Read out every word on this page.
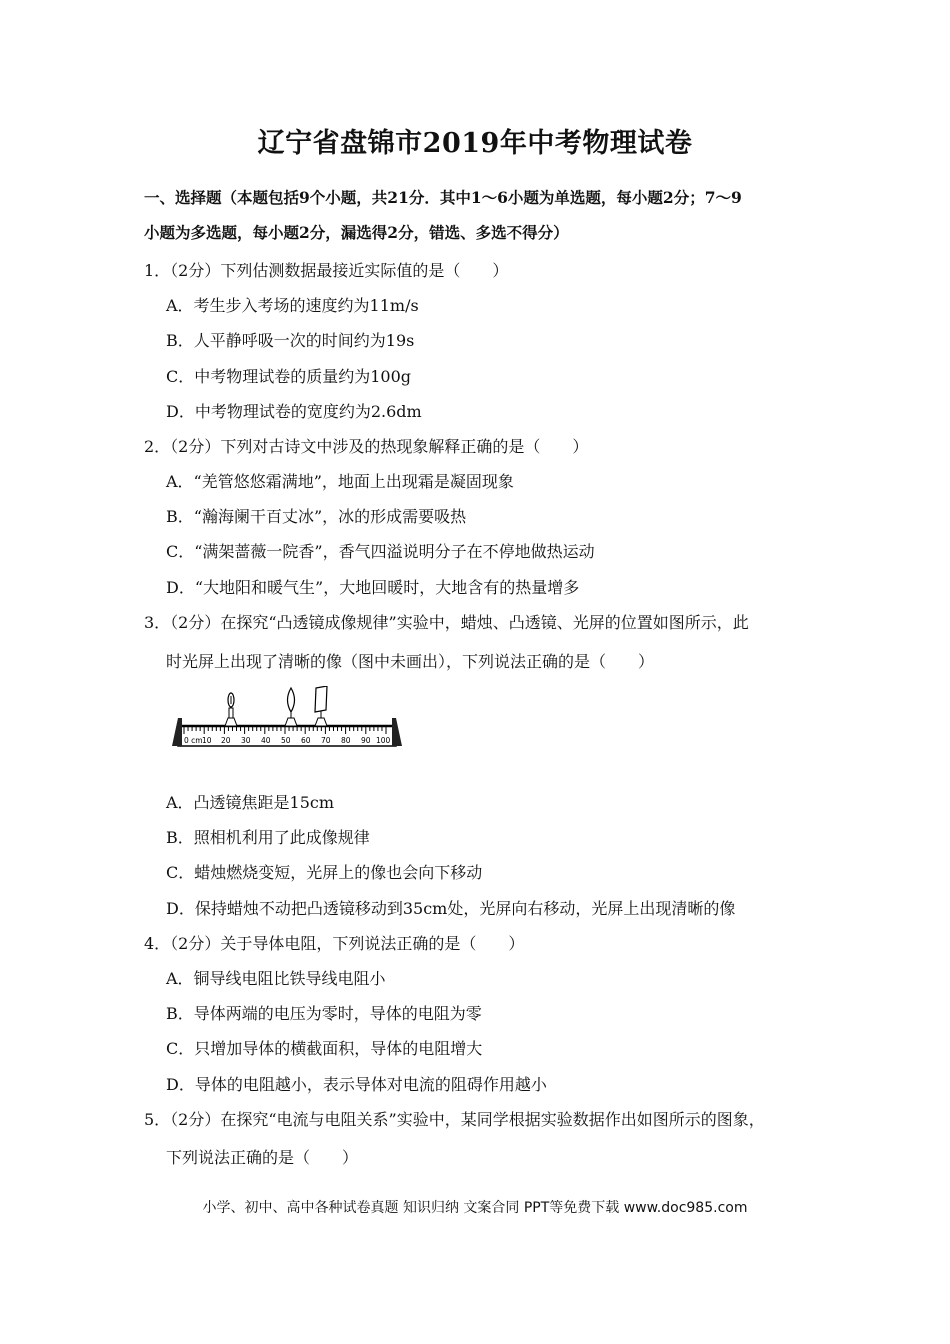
辽宁省盘锦市2019年中考物理试卷
一、选择题（本题包括9个小题，共21分．其中1～6小题为单选题，每小题2分；7～9
小题为多选题，每小题2分，漏选得2分，错选、多选不得分）
1．（2分）下列估测数据最接近实际值的是（　　）
A．考生步入考场的速度约为11m/s
B．人平静呼吸一次的时间约为19s
C．中考物理试卷的质量约为100g
D．中考物理试卷的宽度约为2.6dm
2．（2分）下列对古诗文中涉及的热现象解释正确的是（　　）
A．“羌管悠悠霜满地”，地面上出现霜是凝固现象
B．“瀚海阑干百丈冰”，冰的形成需要吸热
C．“满架蔷薇一院香”，香气四溢说明分子在不停地做热运动
D．“大地阳和暖气生”，大地回暖时，大地含有的热量增多
3．（2分）在探究“凸透镜成像规律”实验中，蜡烛、凸透镜、光屏的位置如图所示，此
时光屏上出现了清晰的像（图中未画出），下列说法正确的是（　　）
0 cm 10 20 30 40 50 60 70 80 90 100
A．凸透镜焦距是15cm
B．照相机利用了此成像规律
C．蜡烛燃烧变短，光屏上的像也会向下移动
D．保持蜡烛不动把凸透镜移动到35cm处，光屏向右移动，光屏上出现清晰的像
4．（2分）关于导体电阻，下列说法正确的是（　　）
A．铜导线电阻比铁导线电阻小
B．导体两端的电压为零时，导体的电阻为零
C．只增加导体的横截面积，导体的电阻增大
D．导体的电阻越小，表示导体对电流的阻碍作用越小
5．（2分）在探究“电流与电阻关系”实验中，某同学根据实验数据作出如图所示的图象，
下列说法正确的是（　　）
小学、初中、高中各种试卷真题 知识归纳 文案合同 PPT等免费下载 www.doc985.com
